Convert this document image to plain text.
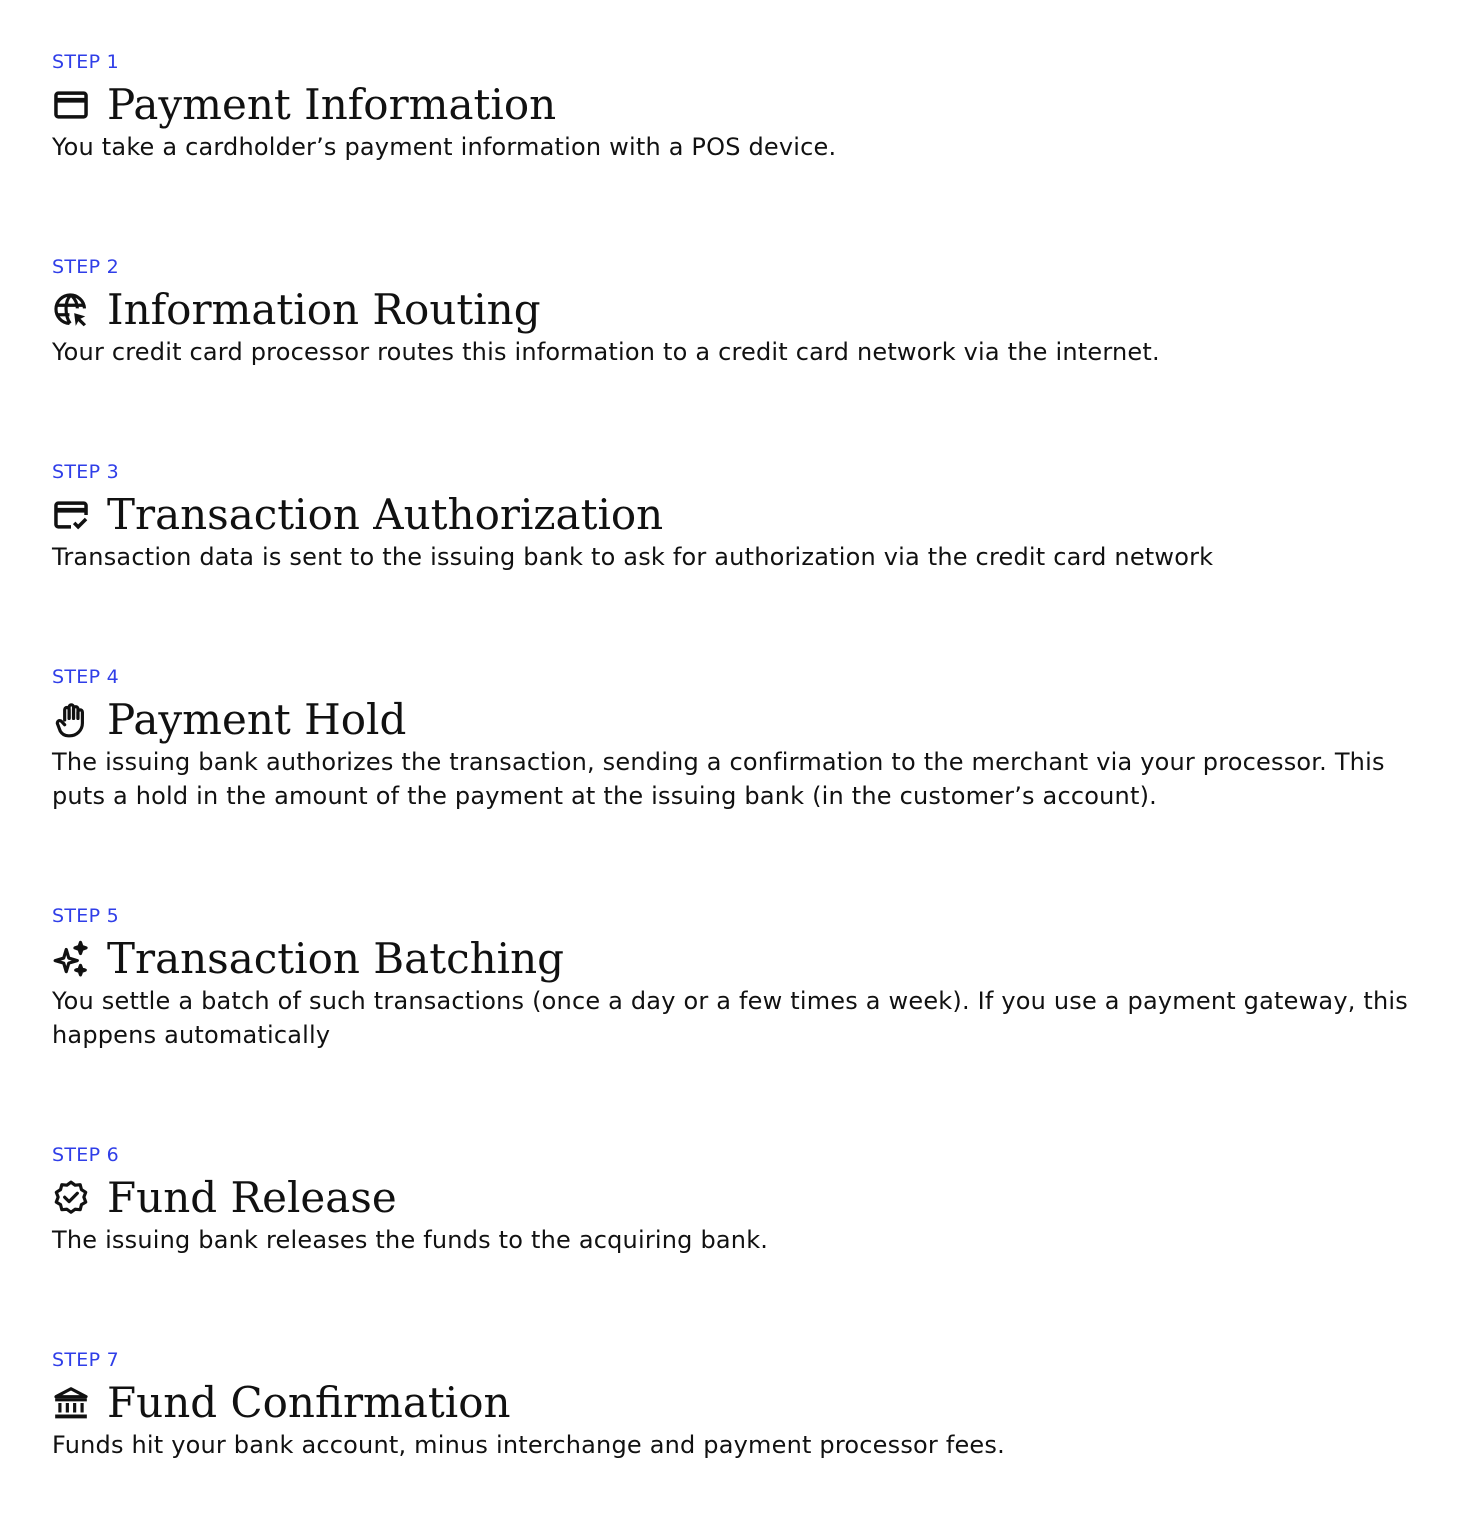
STEP 1
Payment Information

You take a cardholder’s payment information with a POS device.

STEP 2
Information Routing

Your credit card processor routes this information to a credit card network via the internet.

STEP 3
Transaction Authorization

Transaction data is sent to the issuing bank to ask for authorization via the credit card network

STEP 4
Payment Hold

The issuing bank authorizes the transaction, sending a confirmation to the merchant via your processor. This puts a hold in the amount of the payment at the issuing bank (in the customer’s account).

STEP 5
Transaction Batching

You settle a batch of such transactions (once a day or a few times a week). If you use a payment gateway, this happens automatically

STEP 6
Fund Release

The issuing bank releases the funds to the acquiring bank.

STEP 7
Fund Confirmation

Funds hit your bank account, minus interchange and payment processor fees.
